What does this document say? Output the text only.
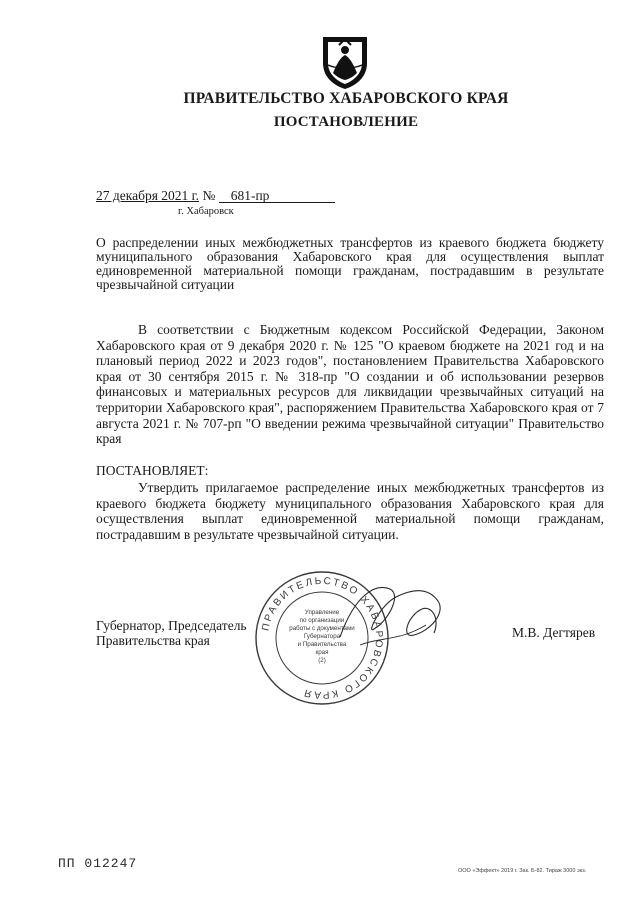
ПРАВИТЕЛЬСТВО ХАБАРОВСКОГО КРАЯ
ПОСТАНОВЛЕНИЕ
27 декабря 2021 г. № 681-пр
г. Хабаровск
О распределении иных межбюджетных трансфертов из краевого бюджета бюджету муниципального образования Хабаровского края для осуществления выплат единовременной материальной помощи гражданам, пострадавшим в результате чрезвычайной ситуации
В соответствии с Бюджетным кодексом Российской Федерации, Законом Хабаровского края от 9 декабря 2020 г. № 125 "О краевом бюджете на 2021 год и на плановый период 2022 и 2023 годов", постановлением Правительства Хабаровского края от 30 сентября 2015 г. № 318-пр "О создании и об использовании резервов финансовых и материальных ресурсов для ликвидации чрезвычайных ситуаций на территории Хабаровского края", распоряжением Правительства Хабаровского края от 7 августа 2021 г. № 707-рп "О введении режима чрезвычайной ситуации" Правительство края
ПОСТАНОВЛЯЕТ:
Утвердить прилагаемое распределение иных межбюджетных трансфертов из краевого бюджета бюджету муниципального образования Хабаровского края для осуществления выплат единовременной материальной помощи гражданам, пострадавшим в результате чрезвычайной ситуации.
Губернатор, Председатель
Правительства края	М.В. Дегтярев
ПРАВИТЕЛЬСТВО ХАБАРОВСКОГО КРАЯ
Управление
по организации
работы с документами
Губернатора
и Правительства
края
(2)
ПП 012247	ООО «Эффект» 2019 г. Зак. Б-82. Тираж 3000 экз.
